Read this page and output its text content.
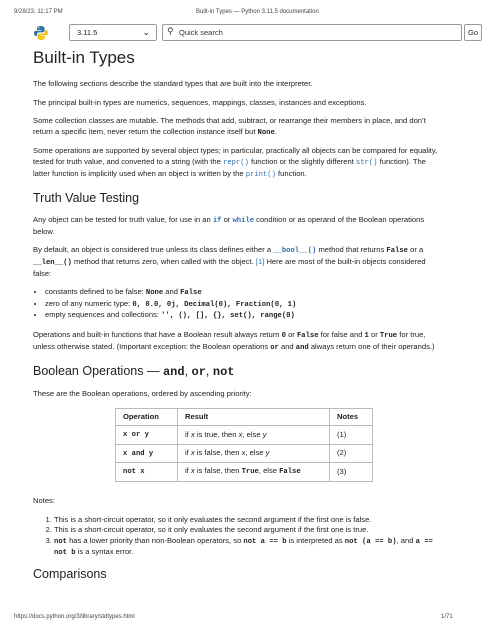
9/28/23, 11:17 PM	Built-in Types — Python 3.11.5 documentation
3.11.5	⌄ ⚲ Quick search	Go
Built-in Types

The following sections describe the standard types that are built into the interpreter.

The principal built-in types are numerics, sequences, mappings, classes, instances and exceptions.

Some collection classes are mutable. The methods that add, subtract, or rearrange their members in place, and don’t return a specific item, never return the collection instance itself but None.

Some operations are supported by several object types; in particular, practically all objects can be compared for equality, tested for truth value, and converted to a string (with the repr() function or the slightly different str() function). The latter function is implicitly used when an object is written by the print() function.

Truth Value Testing

Any object can be tested for truth value, for use in an if or while condition or as operand of the Boolean operations below.

By default, an object is considered true unless its class defines either a __bool__() method that returns False or a __len__() method that returns zero, when called with the object. [1] Here are most of the built-in objects considered false:

• constants defined to be false: None and False
• zero of any numeric type: 0, 0.0, 0j, Decimal(0), Fraction(0, 1)
• empty sequences and collections: '', (), [], {}, set(), range(0)

Operations and built-in functions that have a Boolean result always return 0 or False for false and 1 or True for true, unless otherwise stated. (Important exception: the Boolean operations or and and always return one of their operands.)

Boolean Operations — and, or, not

These are the Boolean operations, ordered by ascending priority:

Operation	Result	Notes
x or y	if x is true, then x, else y	(1)
x and y	if x is false, then x, else y	(2)
not x	if x is false, then True, else False	(3)

Notes:

1. This is a short-circuit operator, so it only evaluates the second argument if the first one is false.
2. This is a short-circuit operator, so it only evaluates the second argument if the first one is true.
3. not has a lower priority than non-Boolean operators, so not a == b is interpreted as not (a == b), and a == not b is a syntax error.
Comparisons
https://docs.python.org/3/library/stdtypes.html	1/71
